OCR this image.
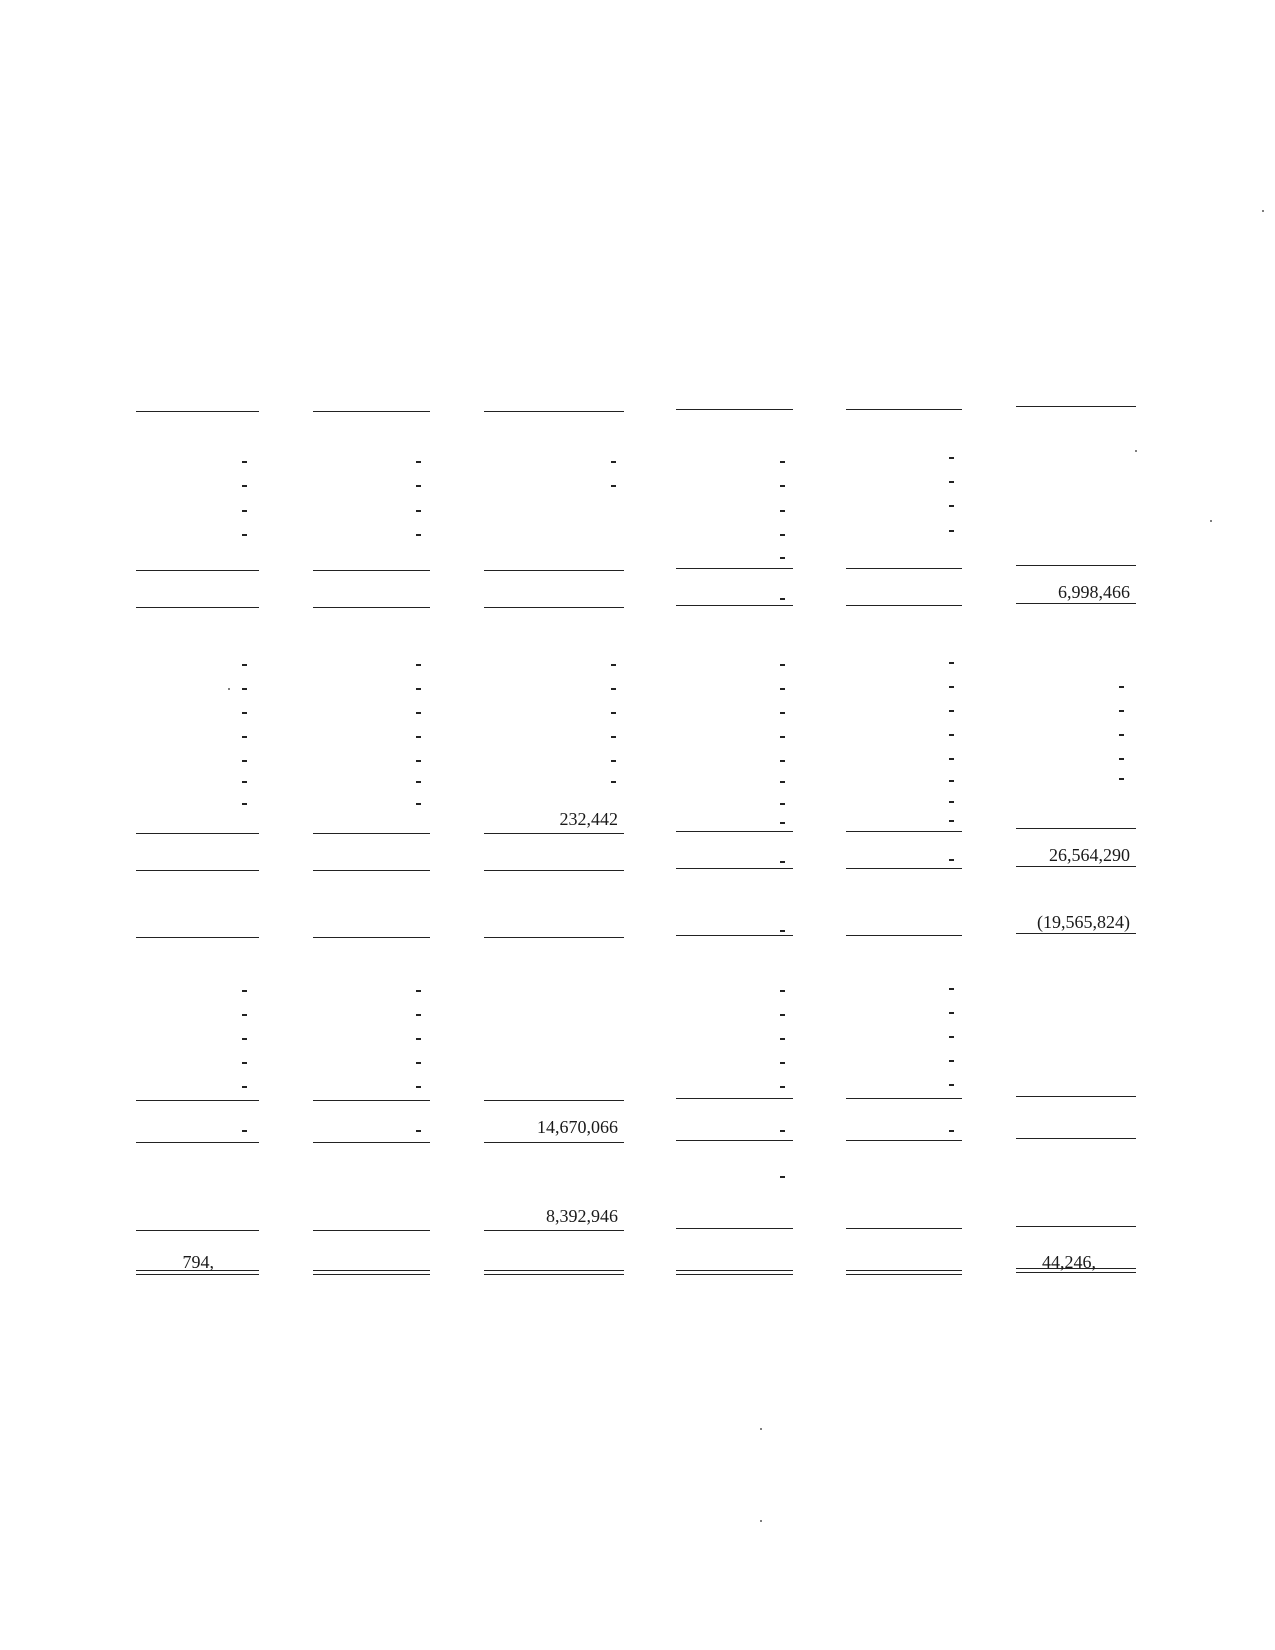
794,
232,442
14,670,066
8,392,946
6,998,466
26,564,290
(19,565,824)
44,246,
